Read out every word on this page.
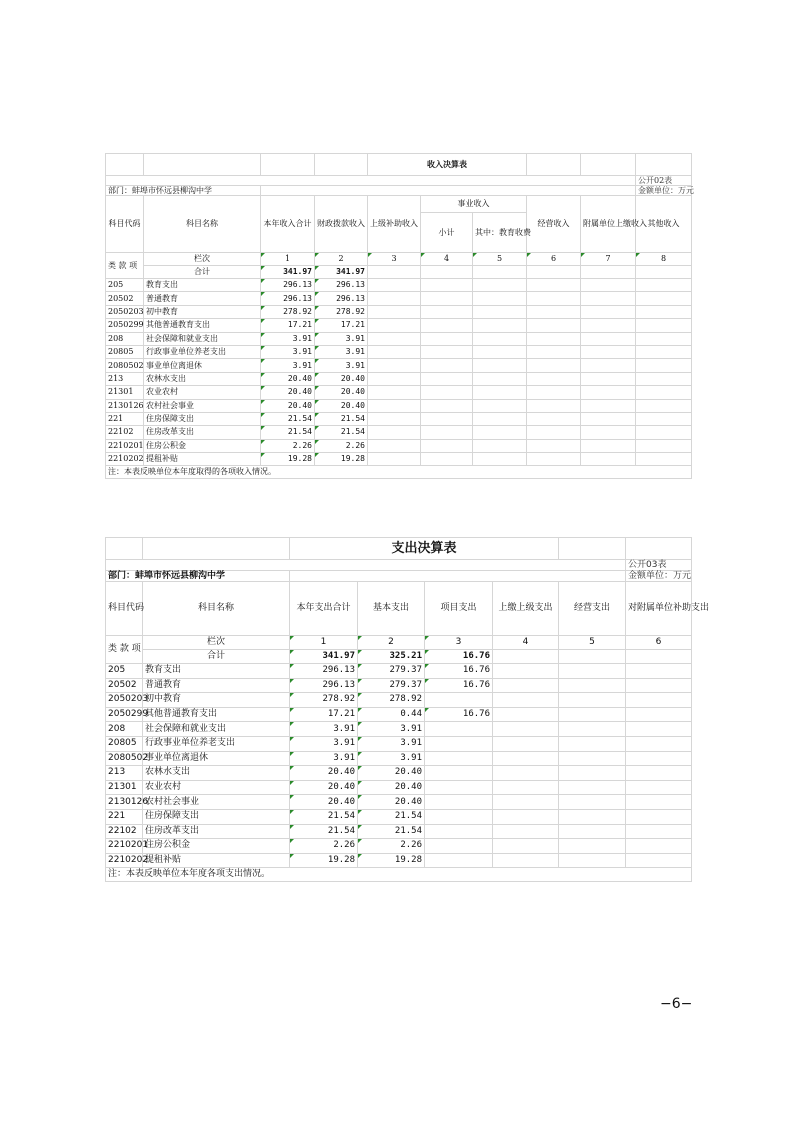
				收入决算表					
									公开02表
部门：蚌埠市怀远县柳沟中学									金额单位：万元
科目代码	科目名称	本年收入合计	财政拨款收入	上级补助收入	事业收入		经营收入	附属单位上缴收入	其他收入
					小计	其中：教育收费			
类 款 项	栏次	1	2	3	4	5	6	7	8
	合计	341.97	341.97						
205	教育支出	296.13	296.13						
20502	普通教育	296.13	296.13						
2050203	初中教育	278.92	278.92						
2050299	其他普通教育支出	17.21	17.21						
208	社会保障和就业支出	3.91	3.91						
20805	行政事业单位养老支出	3.91	3.91						
2080502	事业单位离退休	3.91	3.91						
213	农林水支出	20.40	20.40						
21301	农业农村	20.40	20.40						
2130126	农村社会事业	20.40	20.40						
221	住房保障支出	21.54	21.54						
22102	住房改革支出	21.54	21.54						
2210201	住房公积金	2.26	2.26						
2210202	提租补贴	19.28	19.28						
注：本表反映单位本年度取得的各项收入情况。									
		支出决算表					
							公开03表
部门：蚌埠市怀远县柳沟中学							金额单位：万元
科目代码	科目名称	本年支出合计	基本支出	项目支出	上缴上级支出	经营支出	对附属单位补助支出
类 款 项	栏次	1	2	3	4	5	6
	合计	341.97	325.21	16.76			
205	教育支出	296.13	279.37	16.76			
20502	普通教育	296.13	279.37	16.76			
2050203	初中教育	278.92	278.92				
2050299	其他普通教育支出	17.21	0.44	16.76			
208	社会保障和就业支出	3.91	3.91				
20805	行政事业单位养老支出	3.91	3.91				
2080502	事业单位离退休	3.91	3.91				
213	农林水支出	20.40	20.40				
21301	农业农村	20.40	20.40				
2130126	农村社会事业	20.40	20.40				
221	住房保障支出	21.54	21.54				
22102	住房改革支出	21.54	21.54				
2210201	住房公积金	2.26	2.26				
2210202	提租补贴	19.28	19.28				
注：本表反映单位本年度各项支出情况。							
−6−
